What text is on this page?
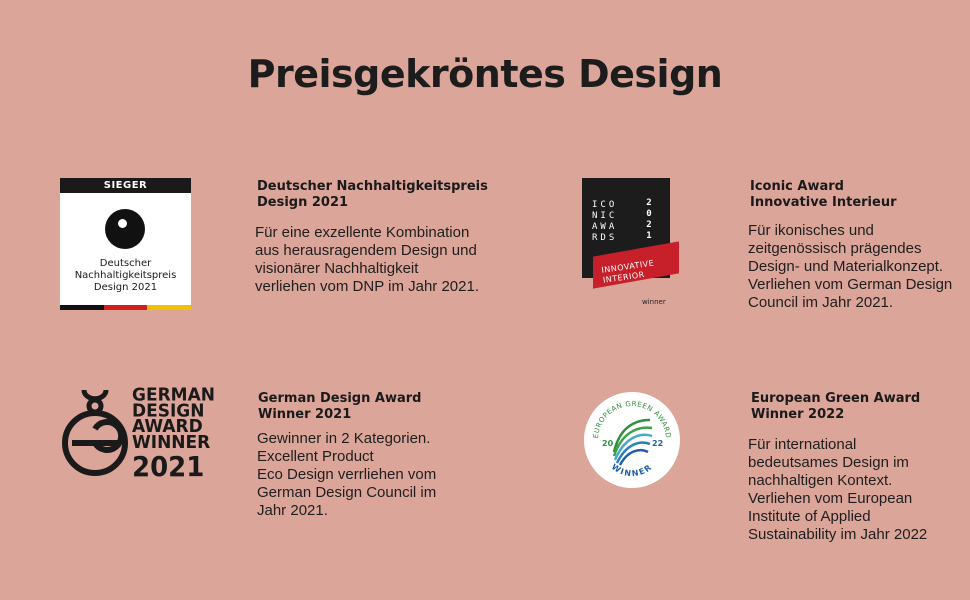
Preisgekröntes Design
SIEGER
Deutscher
Nachhaltigkeitspreis
Design 2021
Deutscher Nachhaltigkeitspreis
Design 2021
Für eine exzellente Kombination
aus herausragendem Design und
visionärer Nachhaltigkeit
verliehen vom DNP im Jahr 2021.
ICO
NIC
AWA
RDS
2
0
2
1
INNOVATIVE
INTERIOR
winner
Iconic Award
Innovative Interieur
Für ikonisches und
zeitgenössisch prägendes
Design- und Materialkonzept.
Verliehen vom German Design
Council im Jahr 2021.
GERMAN
DESIGN
AWARD
WINNER
2021
German Design Award
Winner 2021
Gewinner in 2 Kategorien.
Excellent Product
Eco Design verrliehen vom
German Design Council im
Jahr 2021.
EUROPEAN GREEN AWARD
20	22
WINNER
European Green Award
Winner 2022
Für international
bedeutsames Design im
nachhaltigen Kontext.
Verliehen vom European
Institute of Applied
Sustainability im Jahr 2022
